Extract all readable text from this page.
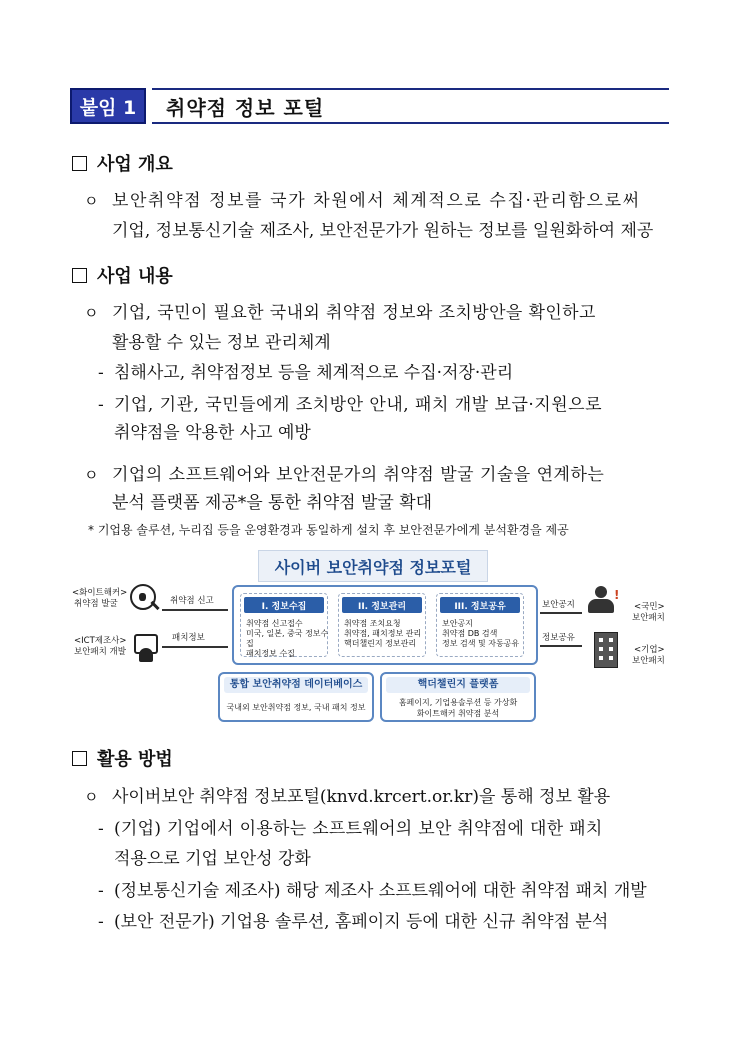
붙임 1	취약점 정보 포털
사업 개요
ㅇ 보안취약점 정보를 국가 차원에서 체계적으로 수집·관리함으로써
기업, 정보통신기술 제조사, 보안전문가가 원하는 정보를 일원화하여 제공
사업 내용
ㅇ 기업, 국민이 필요한 국내외 취약점 정보와 조치방안을 확인하고
활용할 수 있는 정보 관리체계
- 침해사고, 취약점정보 등을 체계적으로 수집·저장·관리
- 기업, 기관, 국민들에게 조치방안 안내, 패치 개발 보급·지원으로
취약점을 악용한 사고 예방
ㅇ 기업의 소프트웨어와 보안전문가의 취약점 발굴 기술을 연계하는
분석 플랫폼 제공*을 통한 취약점 발굴 확대
* 기업용 솔루션, 누리집 등을 운영환경과 동일하게 설치 후 보안전문가에게 분석환경을 제공
사이버 보안취약점 정보포털
<화이트해커>
취약점 발굴
<ICT제조사>
보안패치 개발
취약점 신고
패치정보
I. 정보수집	II. 정보관리	III. 정보공유
취약점 신고접수
미국, 일본, 중국 정보수집
패치정보 수집
취약점 조치요청
취약점, 패치정보 관리
핵더챌린지 정보관리
보안공지
취약점 DB 검색
정보 검색 및 자동공유
통합 보안취약점 데이터베이스
국내외 보안취약점 정보, 국내 패치 정보
핵더챌린지 플랫폼
홈페이지, 기업용솔루션 등 가상화
화이트해커 취약점 분석
보안공지
정보공유
!
<국민>
보안패치
<기업>
보안패치
활용 방법
ㅇ 사이버보안 취약점 정보포털(knvd.krcert.or.kr)을 통해 정보 활용
- (기업) 기업에서 이용하는 소프트웨어의 보안 취약점에 대한 패치
적용으로 기업 보안성 강화
- (정보통신기술 제조사) 해당 제조사 소프트웨어에 대한 취약점 패치 개발
- (보안 전문가) 기업용 솔루션, 홈페이지 등에 대한 신규 취약점 분석
